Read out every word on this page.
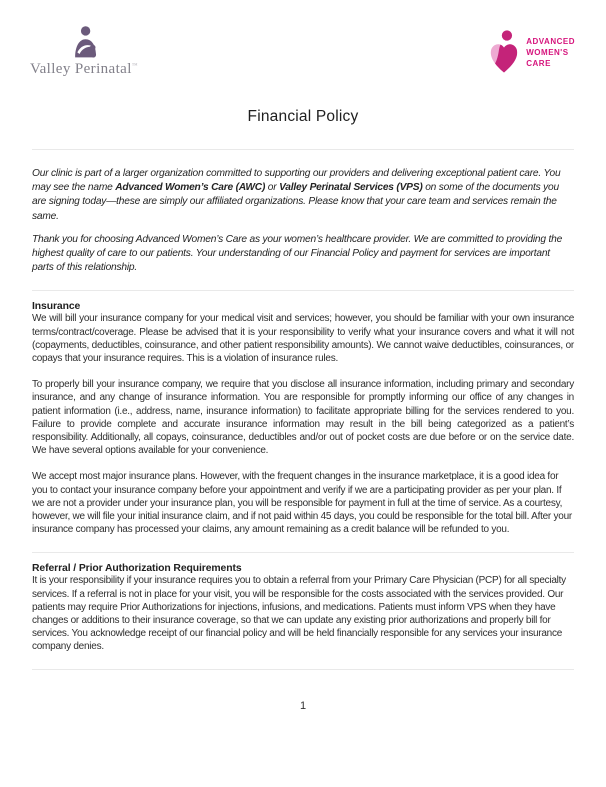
Valley Perinatal™
ADVANCED
WOMEN'S
CARE
Financial Policy

Our clinic is part of a larger organization committed to supporting our providers and delivering exceptional patient care. You may see the name Advanced Women’s Care (AWC) or Valley Perinatal Services (VPS) on some of the documents you are signing today—these are simply our affiliated organizations. Please know that your care team and services remain the same.

Thank you for choosing Advanced Women’s Care as your women’s healthcare provider. We are committed to providing the highest quality of care to our patients. Your understanding of our Financial Policy and payment for services are important parts of this relationship.

Insurance

We will bill your insurance company for your medical visit and services; however, you should be familiar with your own insurance terms/contract/coverage. Please be advised that it is your responsibility to verify what your insurance covers and what it will not (copayments, deductibles, coinsurance, and other patient responsibility amounts). We cannot waive deductibles, coinsurances, or copays that your insurance requires. This is a violation of insurance rules.

To properly bill your insurance company, we require that you disclose all insurance information, including primary and secondary insurance, and any change of insurance information. You are responsible for promptly informing our office of any changes in patient information (i.e., address, name, insurance information) to facilitate appropriate billing for the services rendered to you. Failure to provide complete and accurate insurance information may result in the bill being categorized as a patient’s responsibility. Additionally, all copays, coinsurance, deductibles and/or out of pocket costs are due before or on the service date. We have several options available for your convenience.

We accept most major insurance plans. However, with the frequent changes in the insurance marketplace, it is a good idea for you to contact your insurance company before your appointment and verify if we are a participating provider as per your plan. If we are not a provider under your insurance plan, you will be responsible for payment in full at the time of service. As a courtesy, however, we will file your initial insurance claim, and if not paid within 45 days, you could be responsible for the total bill. After your insurance company has processed your claims, any amount remaining as a credit balance will be refunded to you.

Referral / Prior Authorization Requirements

It is your responsibility if your insurance requires you to obtain a referral from your Primary Care Physician (PCP) for all specialty services. If a referral is not in place for your visit, you will be responsible for the costs associated with the services provided. Our patients may require Prior Authorizations for injections, infusions, and medications. Patients must inform VPS when they have changes or additions to their insurance coverage, so that we can update any existing prior authorizations and properly bill for services. You acknowledge receipt of our financial policy and will be held financially responsible for any services your insurance company denies.

1
